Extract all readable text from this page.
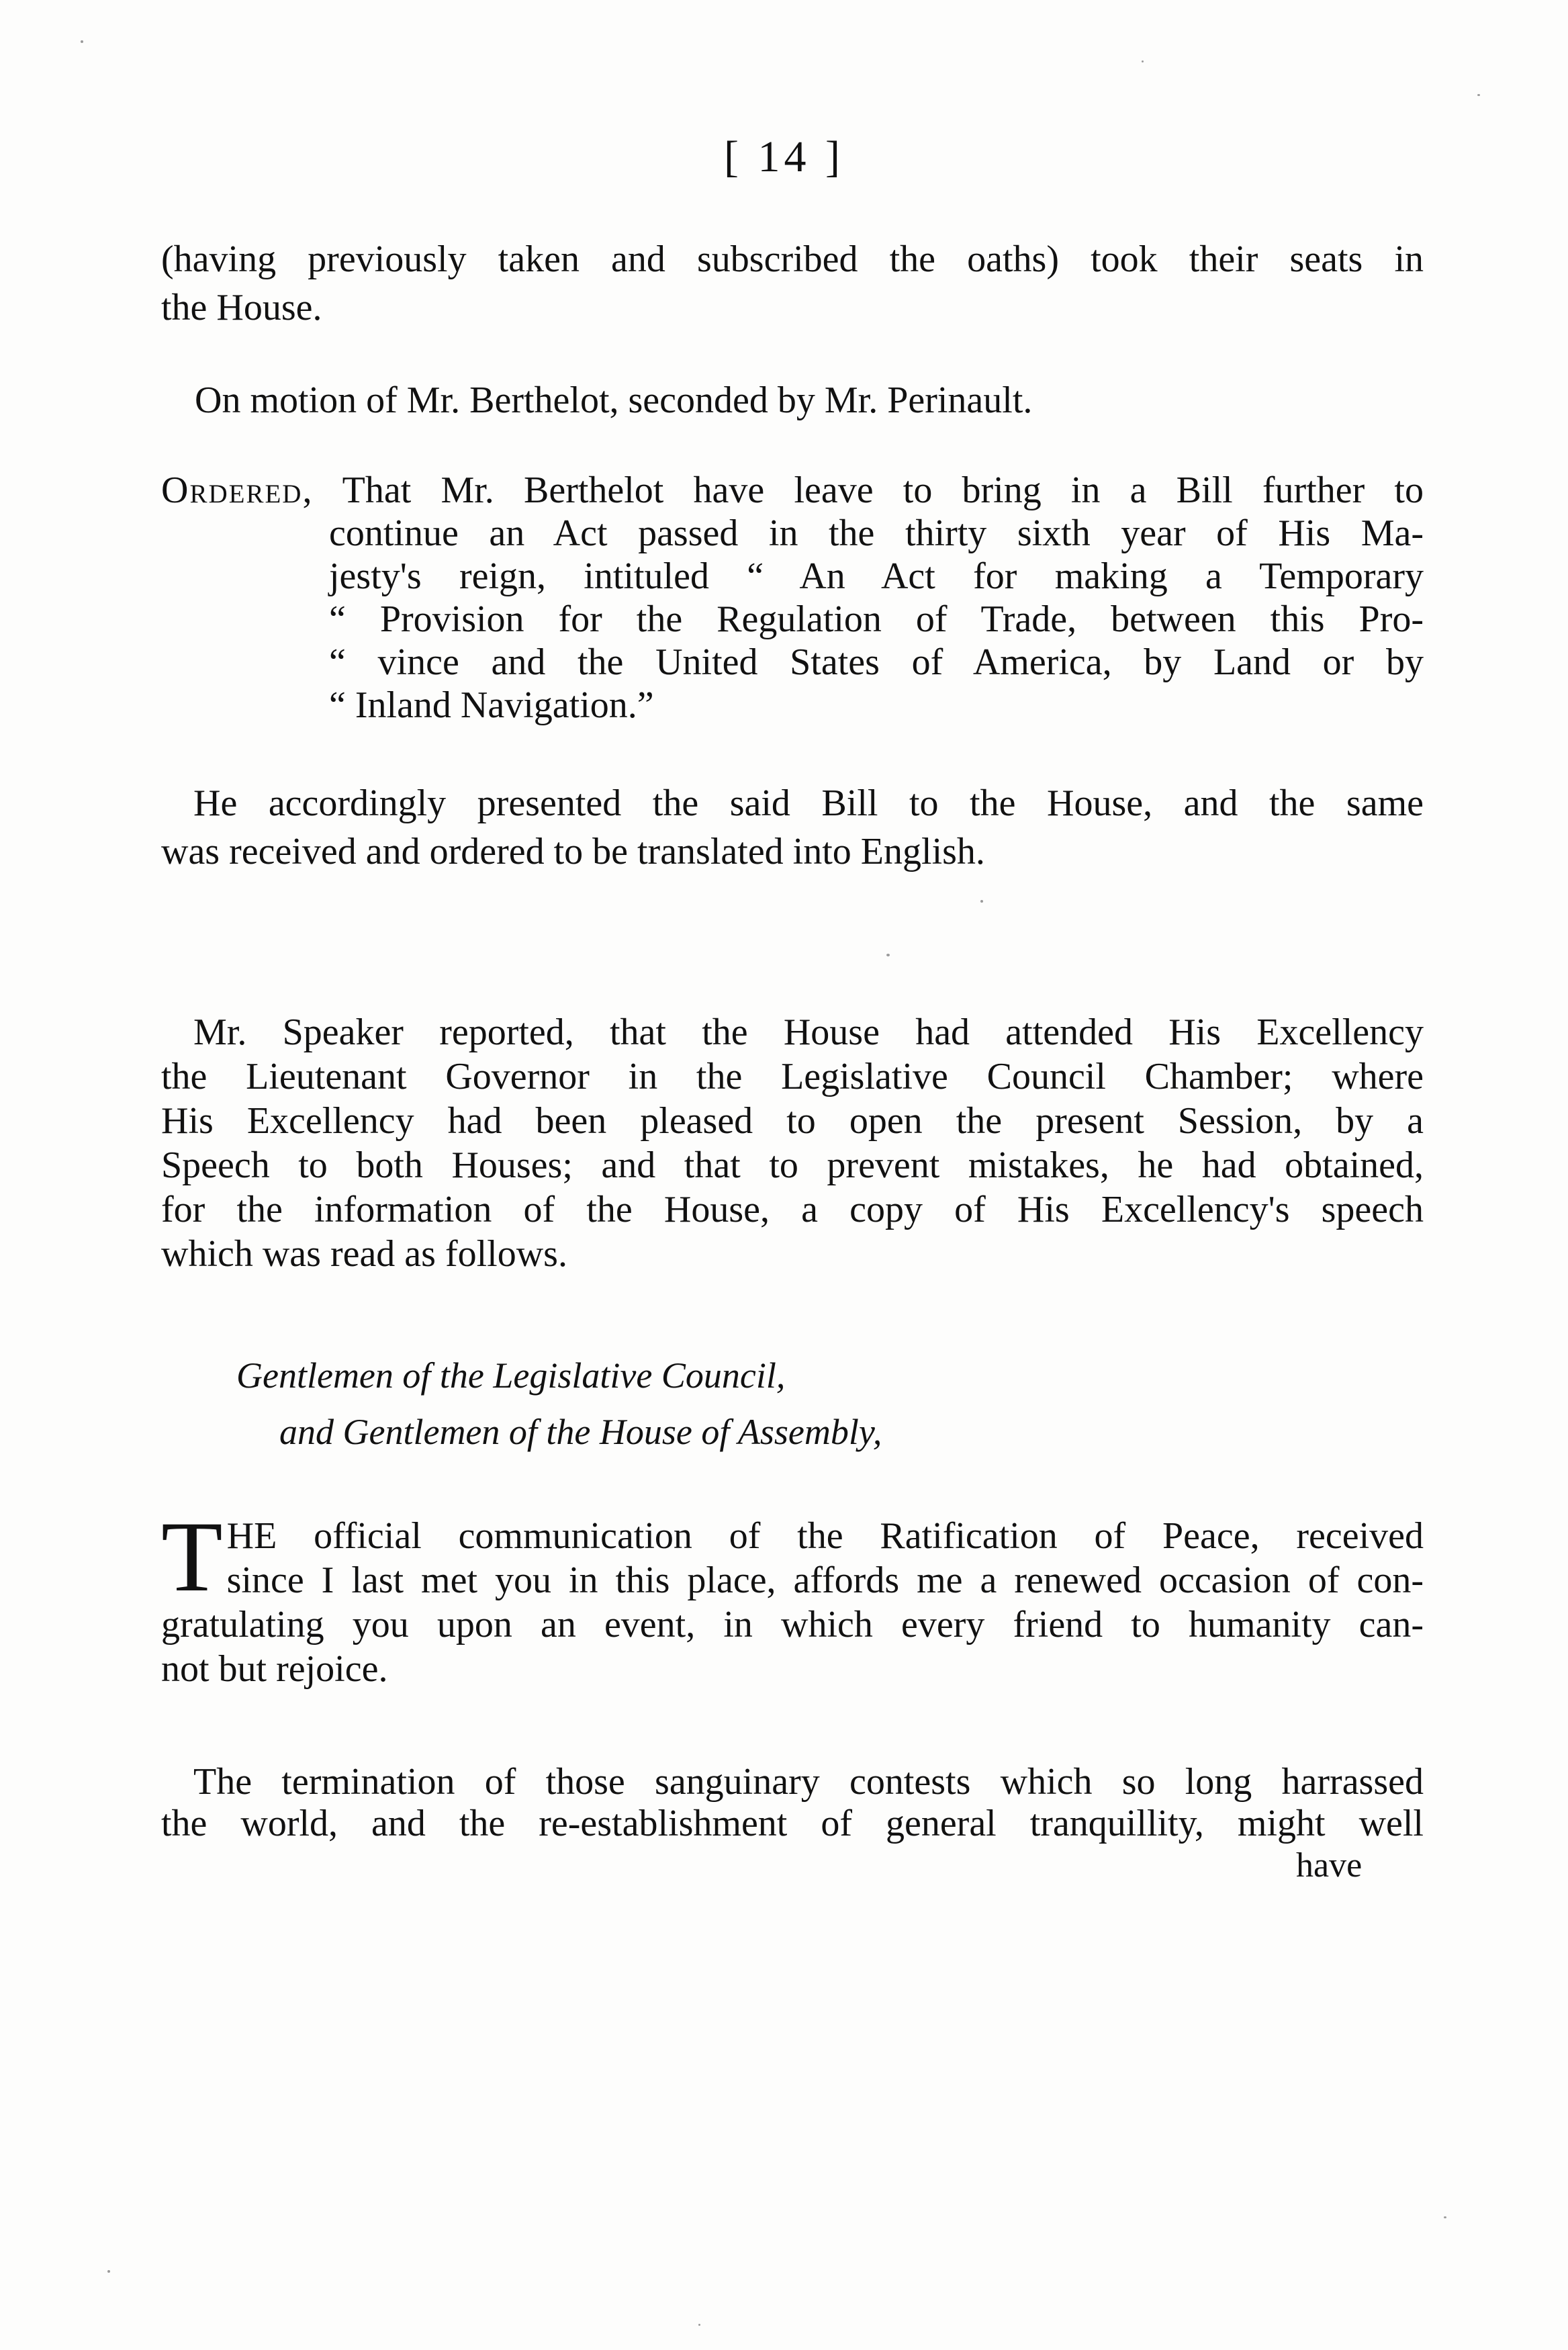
[ 14 ]
(having previously taken and subscribed the oaths) took their seats in
the House.
On motion of Mr. Berthelot, seconded by Mr. Perinault.
Ordered, That Mr. Berthelot have leave to bring in a Bill further to
continue an Act passed in the thirty sixth year of His Ma-
jesty's reign, intituled “ An Act for making a Temporary
“ Provision for the Regulation of Trade, between this Pro-
“ vince and the United States of America, by Land or by
“ Inland Navigation.”
He accordingly presented the said Bill to the House, and the same
was received and ordered to be translated into English.
Mr. Speaker reported, that the House had attended His Excellency
the Lieutenant Governor in the Legislative Council Chamber; where
His Excellency had been pleased to open the present Session, by a
Speech to both Houses; and that to prevent mistakes, he had obtained,
for the information of the House, a copy of His Excellency's speech
which was read as follows.
Gentlemen of the Legislative Council,
and Gentlemen of the House of Assembly,
T HE official communication of the Ratification of Peace, received
since I last met you in this place, affords me a renewed occasion of con-
gratulating you upon an event, in which every friend to humanity can-
not but rejoice.
The termination of those sanguinary contests which so long harrassed
the world, and the re-establishment of general tranquillity, might well
have
